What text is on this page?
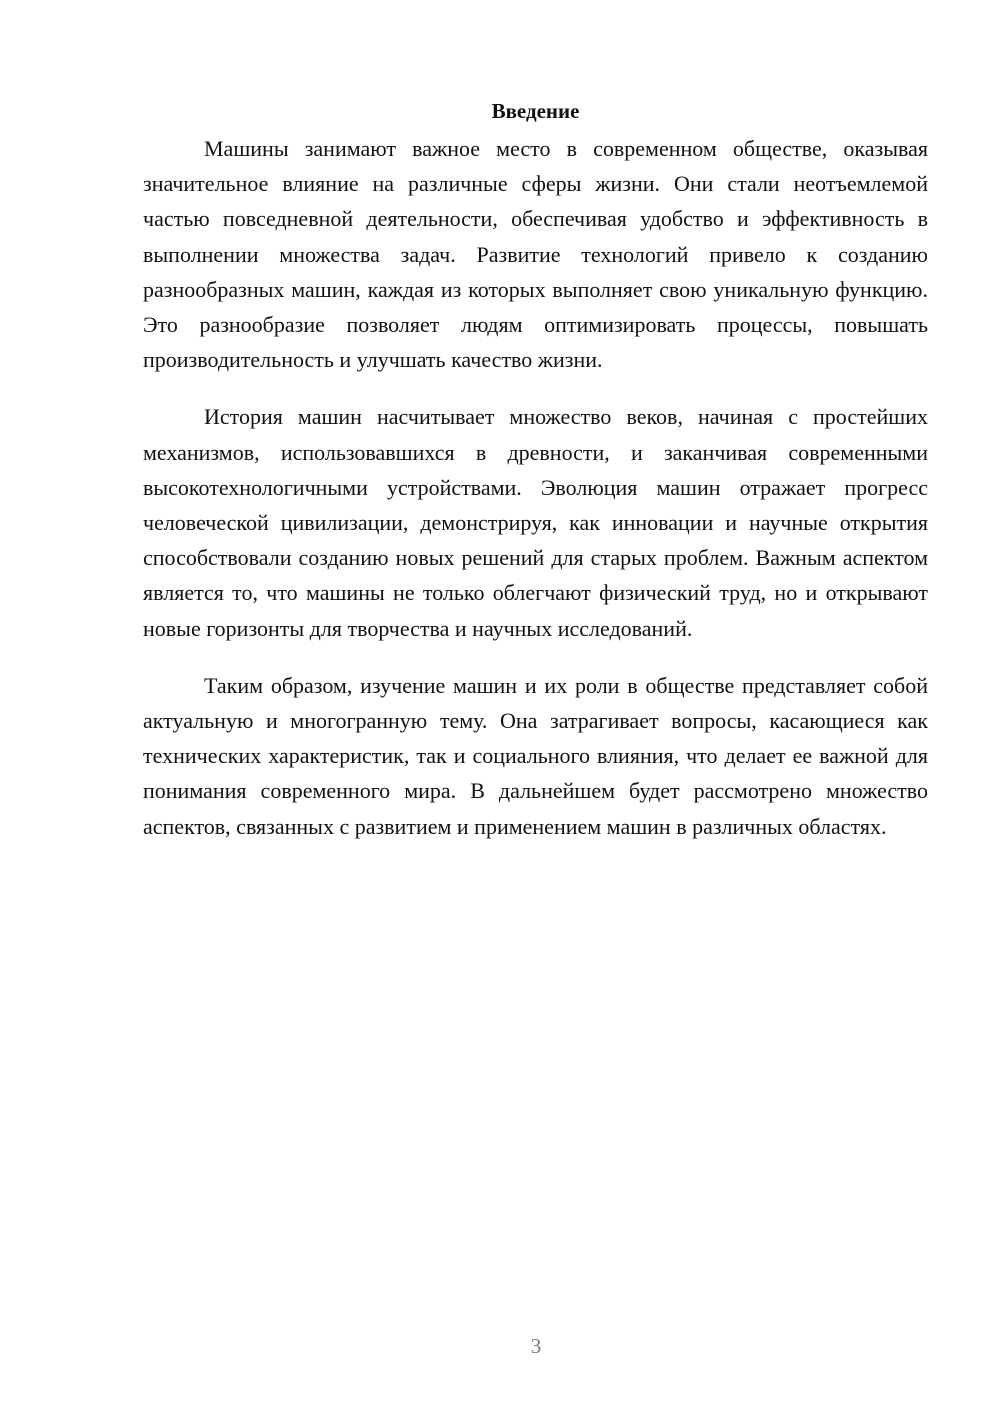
Введение

Машины занимают важное место в современном обществе, оказывая значительное влияние на различные сферы жизни. Они стали неотъемлемой частью повседневной деятельности, обеспечивая удобство и эффективность в выполнении множества задач. Развитие технологий привело к созданию разнообразных машин, каждая из которых выполняет свою уникальную функцию. Это разнообразие позволяет людям оптимизировать процессы, повышать производительность и улучшать качество жизни.

История машин насчитывает множество веков, начиная с простейших механизмов, использовавшихся в древности, и заканчивая современными высокотехнологичными устройствами. Эволюция машин отражает прогресс человеческой цивилизации, демонстрируя, как инновации и научные открытия способствовали созданию новых решений для старых проблем. Важным аспектом является то, что машины не только облегчают физический труд, но и открывают новые горизонты для творчества и научных исследований.

Таким образом, изучение машин и их роли в обществе представляет собой актуальную и многогранную тему. Она затрагивает вопросы, касающиеся как технических характеристик, так и социального влияния, что делает ее важной для понимания современного мира. В дальнейшем будет рассмотрено множество аспектов, связанных с развитием и применением машин в различных областях.

3
